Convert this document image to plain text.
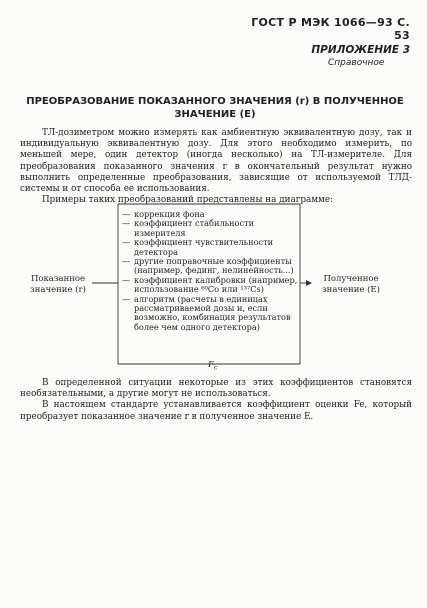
ГОСТ Р МЭК 1066—93 С. 53
ПРИЛОЖЕНИЕ 3
Справочное
ПРЕОБРАЗОВАНИЕ ПОКАЗАННОГО ЗНАЧЕНИЯ (r) В ПОЛУЧЕННОЕ
ЗНАЧЕНИЕ (E)

ТЛ-дозиметром можно измерять как амбиентную эквивалентную дозу, так и индивидуальную эквивалентную дозу. Для этого необходимо измерить, по меньшей мере, один детектор (иногда несколько) на ТЛ-измерителе. Для преобразования показанного значения r в окончательный результат нужно выполнить определенные преобразования, зависящие от используемой ТЛД-системы и от способа ее использования.

Примеры таких преобразований представлены на диаграмме:

Показанное
значение (r)
Полученное
значение (E)
— коррекция фона
— коэффициент стабильности измерителя
— коэффициент чувствительности детектора
— другие поправочные коэффициенты (например, фединг, нелинейность...)
— коэффициент калибровки (например, использование ⁶⁰Co или ¹³⁷Cs)
— алгоритм (расчеты в единицах рассматриваемой дозы и, если возможно, комбинация результатов более чем одного детектора)
$F_c$

В определенной ситуации некоторые из этих коэффициентов становятся необязательными, а другие могут не использоваться.

В настоящем стандарте устанавливается коэффициент оценки Fe, который преобразует показанное значение r в полученное значение E.
